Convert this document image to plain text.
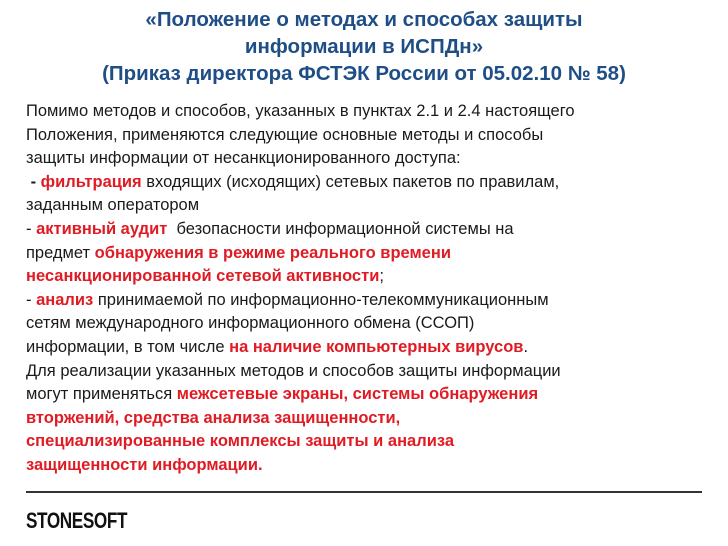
«Положение о методах и способах защиты
информации в ИСПДн»
(Приказ директора ФСТЭК России от 05.02.10 № 58)
Помимо методов и способов, указанных в пунктах 2.1 и 2.4 настоящего
Положения, применяются следующие основные методы и способы
защиты информации от несанкционированного доступа:
- фильтрация входящих (исходящих) сетевых пакетов по правилам,
заданным оператором
- активный аудит  безопасности информационной системы на
предмет обнаружения в режиме реального времени
несанкционированной сетевой активности;
- анализ принимаемой по информационно-телекоммуникационным
сетям международного информационного обмена (ССОП)
информации, в том числе на наличие компьютерных вирусов.
Для реализации указанных методов и способов защиты информации
могут применяться межсетевые экраны, системы обнаружения
вторжений, средства анализа защищенности,
специализированные комплексы защиты и анализа
защищенности информации.
STONESOFT
